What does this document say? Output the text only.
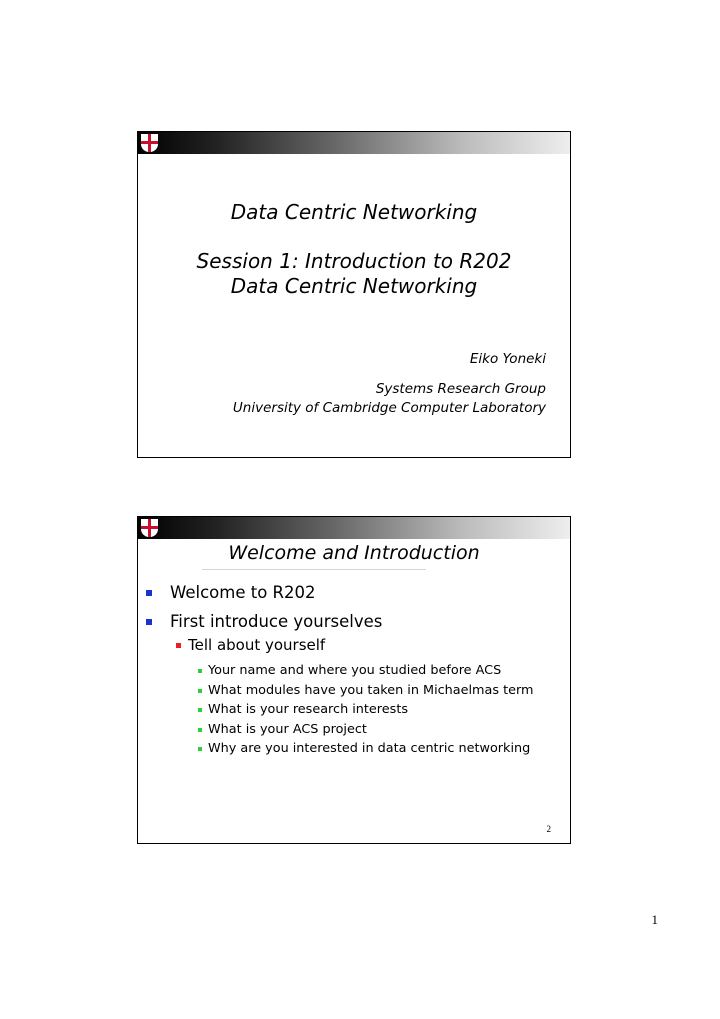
Data Centric Networking
Session 1: Introduction to R202
Data Centric Networking
Eiko Yoneki
Systems Research Group
University of Cambridge Computer Laboratory
Welcome and Introduction
Welcome to R202
First introduce yourselves
Tell about yourself
Your name and where you studied before ACS
What modules have you taken in Michaelmas term
What is your research interests
What is your ACS project
Why are you interested in data centric networking
2
1
